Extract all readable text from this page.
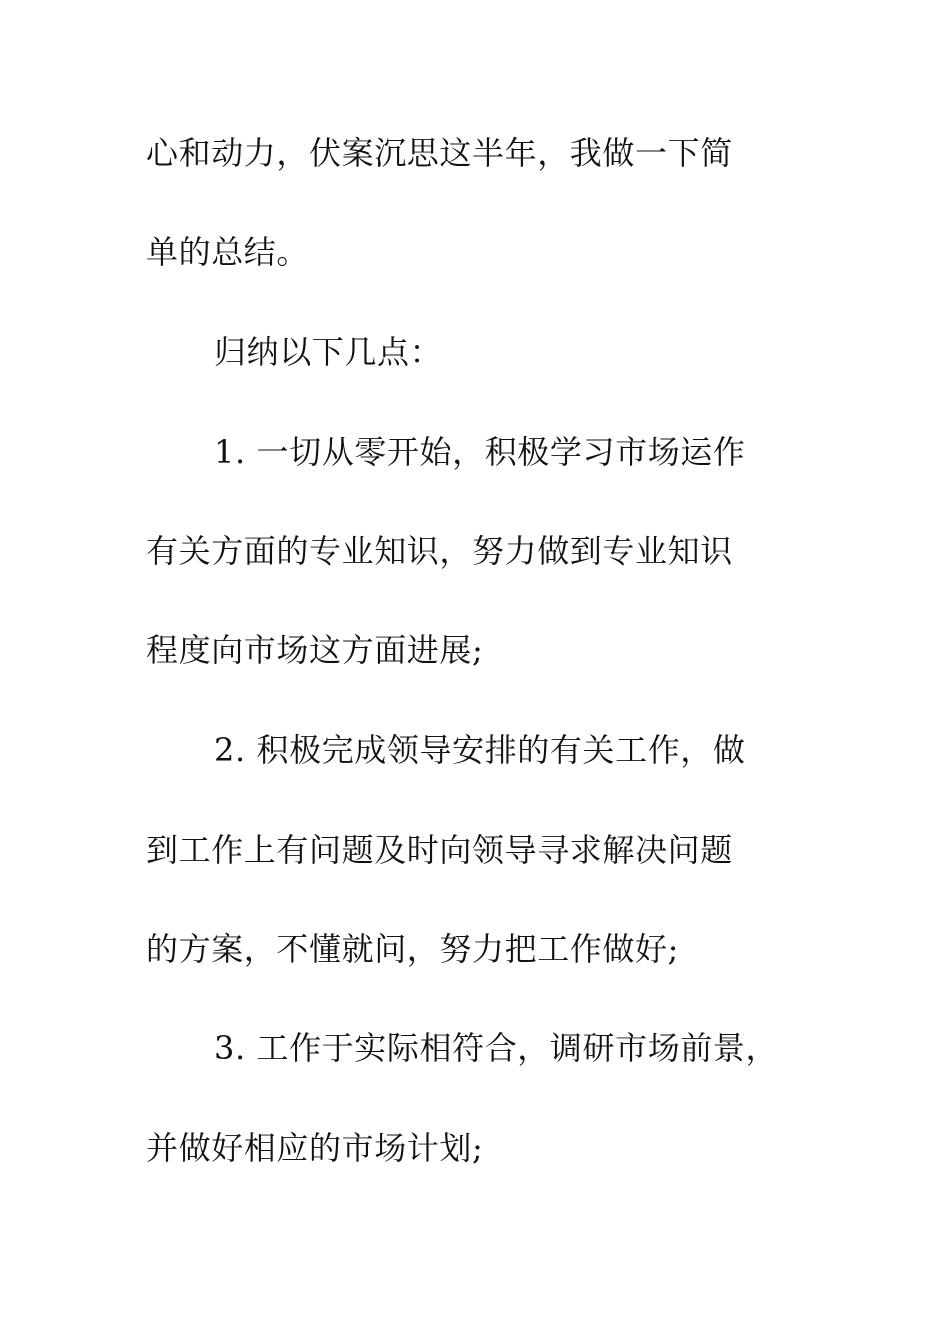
心和动力，伏案沉思这半年，我做一下简
单的总结。
归纳以下几点：
1. 一切从零开始，积极学习市场运作
有关方面的专业知识，努力做到专业知识
程度向市场这方面进展;
2. 积极完成领导安排的有关工作，做
到工作上有问题及时向领导寻求解决问题
的方案，不懂就问，努力把工作做好;
3. 工作于实际相符合，调研市场前景，
并做好相应的市场计划;
